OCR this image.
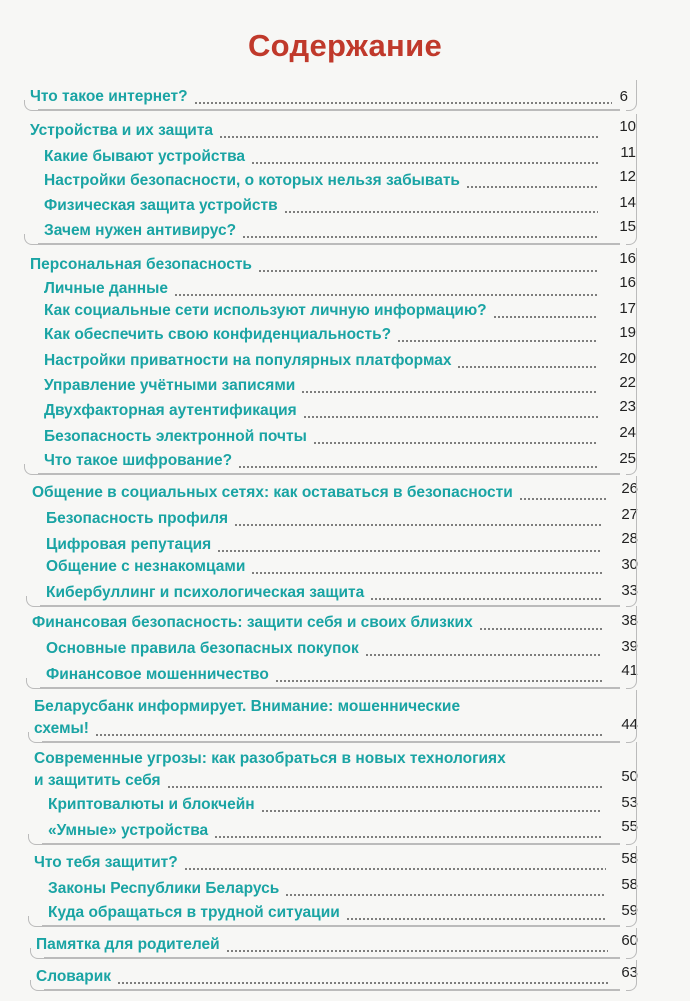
Содержание
Что такое интернет?	6
Устройства и их защита	10
Какие бывают устройства	11
Настройки безопасности, о которых нельзя забывать	12
Физическая защита устройств	14
Зачем нужен антивирус?	15
Персональная безопасность	16
Личные данные	16
Как социальные сети используют личную информацию?	17
Как обеспечить свою конфиденциальность?	19
Настройки приватности на популярных платформах	20
Управление учётными записями	22
Двухфакторная аутентификация	23
Безопасность электронной почты	24
Что такое шифрование?	25
Общение в социальных сетях: как оставаться в безопасности	26
Безопасность профиля	27
Цифровая репутация	28
Общение с незнакомцами	30
Кибербуллинг и психологическая защита	33
Финансовая безопасность: защити себя и своих близких	38
Основные правила безопасных покупок	39
Финансовое мошенничество	41
Беларусбанк информирует. Внимание: мошеннические
схемы!	44
Современные угрозы: как разобраться в новых технологиях
и защитить себя	50
Криптовалюты и блокчейн	53
«Умные» устройства	55
Что тебя защитит?	58
Законы Республики Беларусь	58
Куда обращаться в трудной ситуации	59
Памятка для родителей	60
Словарик	63
